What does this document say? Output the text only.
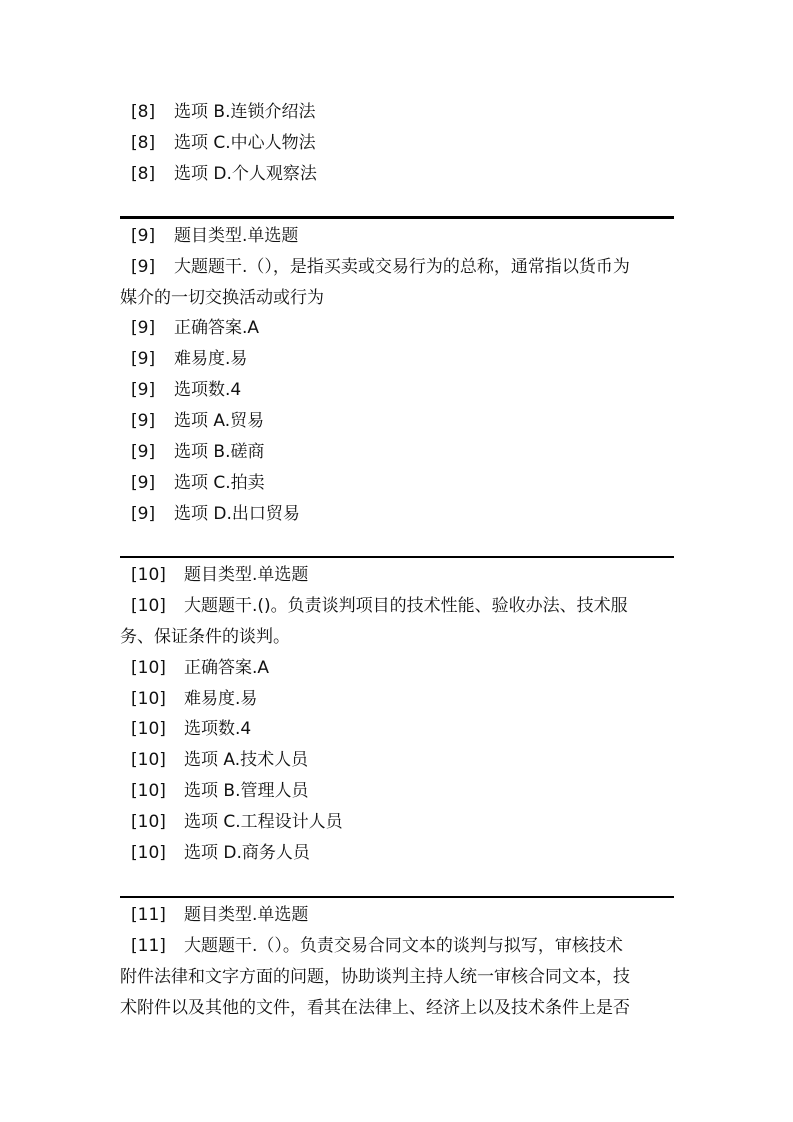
[8] 选项 B.连锁介绍法
[8] 选项 C.中心人物法
[8] 选项 D.个人观察法
[9] 题目类型.单选题
[9] 大题题干.（），是指买卖或交易行为的总称，通常指以货币为
媒介的一切交换活动或行为
[9] 正确答案.A
[9] 难易度.易
[9] 选项数.4
[9] 选项 A.贸易
[9] 选项 B.磋商
[9] 选项 C.拍卖
[9] 选项 D.出口贸易
[10] 题目类型.单选题
[10] 大题题干.()。负责谈判项目的技术性能、验收办法、技术服
务、保证条件的谈判。
[10] 正确答案.A
[10] 难易度.易
[10] 选项数.4
[10] 选项 A.技术人员
[10] 选项 B.管理人员
[10] 选项 C.工程设计人员
[10] 选项 D.商务人员
[11] 题目类型.单选题
[11] 大题题干.（）。负责交易合同文本的谈判与拟写，审核技术
附件法律和文字方面的问题，协助谈判主持人统一审核合同文本，技
术附件以及其他的文件，看其在法律上、经济上以及技术条件上是否
